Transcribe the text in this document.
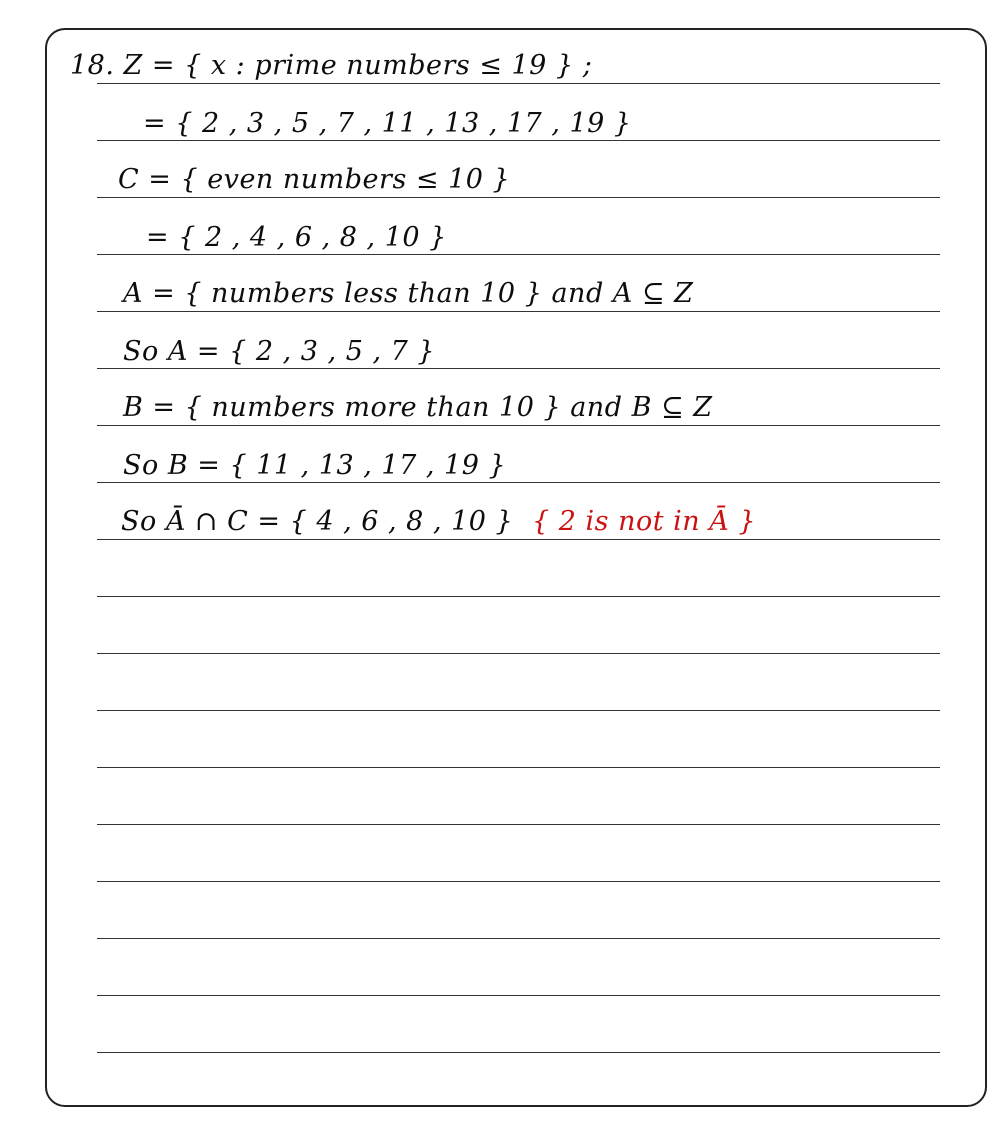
18. Z = { x : prime numbers ≤ 19 } ;
= { 2 , 3 , 5 , 7 , 11 , 13 , 17 , 19 }
C = { even numbers ≤ 10 }
= { 2 , 4 , 6 , 8 , 10 }
A = { numbers less than 10 } and A ⊆ Z
So A = { 2 , 3 , 5 , 7 }
B = { numbers more than 10 } and B ⊆ Z
So B = { 11 , 13 , 17 , 19 }
So Ā ∩ C = { 4 , 6 , 8 , 10 } { 2 is not in Ā }
